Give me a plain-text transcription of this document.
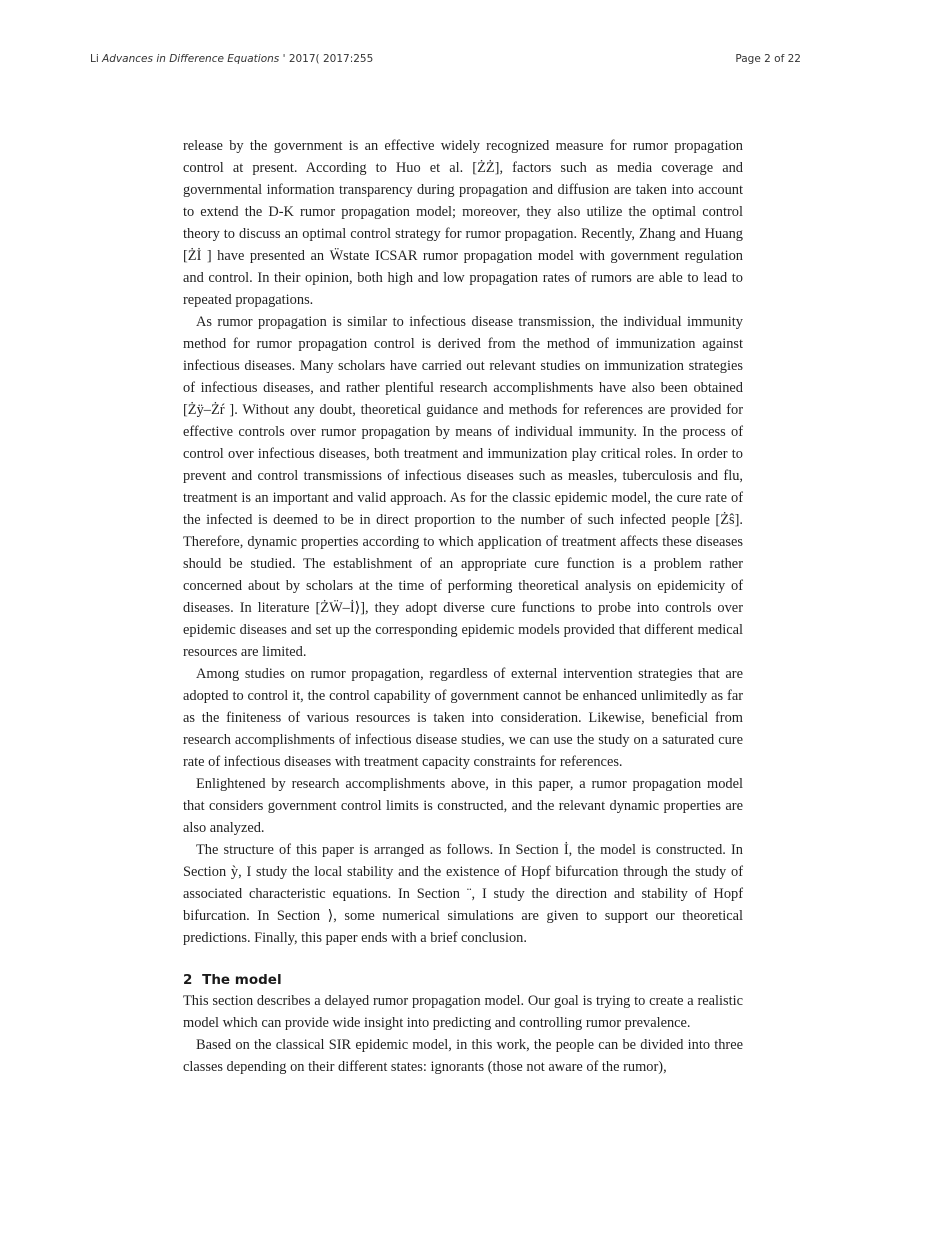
Li Advances in Difference Equations ' 2017( 2017:255	Page 2 of 22

release by the government is an effective widely recognized measure for rumor propagation control at present. According to Huo et al. [ŻŻ], factors such as media coverage and governmental information transparency during propagation and diffusion are taken into account to extend the D-K rumor propagation model; moreover, they also utilize the optimal control theory to discuss an optimal control strategy for rumor propagation. Recently, Zhang and Huang [Żİ ] have presented an Ẅstate ICSAR rumor propagation model with government regulation and control. In their opinion, both high and low propagation rates of rumors are able to lead to repeated propagations.

As rumor propagation is similar to infectious disease transmission, the individual immunity method for rumor propagation control is derived from the method of immunization against infectious diseases. Many scholars have carried out relevant studies on immunization strategies of infectious diseases, and rather plentiful research accomplishments have also been obtained [Żÿ–Żŕ ]. Without any doubt, theoretical guidance and methods for references are provided for effective controls over rumor propagation by means of individual immunity. In the process of control over infectious diseases, both treatment and immunization play critical roles. In order to prevent and control transmissions of infectious diseases such as measles, tuberculosis and flu, treatment is an important and valid approach. As for the classic epidemic model, the cure rate of the infected is deemed to be in direct proportion to the number of such infected people [Żŝ]. Therefore, dynamic properties according to which application of treatment affects these diseases should be studied. The establishment of an appropriate cure function is a problem rather concerned about by scholars at the time of performing theoretical analysis on epidemicity of diseases. In literature [ŻẄ–İ⟩], they adopt diverse cure functions to probe into controls over epidemic diseases and set up the corresponding epidemic models provided that different medical resources are limited.

Among studies on rumor propagation, regardless of external intervention strategies that are adopted to control it, the control capability of government cannot be enhanced unlimitedly as far as the finiteness of various resources is taken into consideration. Likewise, beneficial from research accomplishments of infectious disease studies, we can use the study on a saturated cure rate of infectious diseases with treatment capacity constraints for references.

Enlightened by research accomplishments above, in this paper, a rumor propagation model that considers government control limits is constructed, and the relevant dynamic properties are also analyzed.

The structure of this paper is arranged as follows. In Section İ, the model is constructed. In Section ỳ, I study the local stability and the existence of Hopf bifurcation through the study of associated characteristic equations. In Section ¨, I study the direction and stability of Hopf bifurcation. In Section ⟩, some numerical simulations are given to support our theoretical predictions. Finally, this paper ends with a brief conclusion.

2 The model

This section describes a delayed rumor propagation model. Our goal is trying to create a realistic model which can provide wide insight into predicting and controlling rumor prevalence.

Based on the classical SIR epidemic model, in this work, the people can be divided into three classes depending on their different states: ignorants (those not aware of the rumor),
